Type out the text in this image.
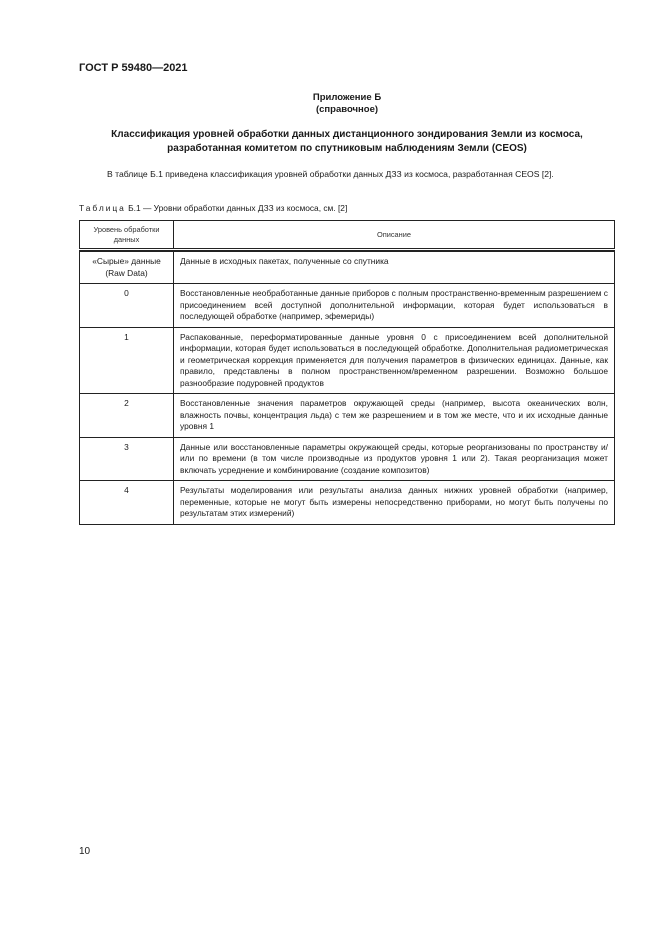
ГОСТ Р 59480—2021
Приложение Б
(справочное)
Классификация уровней обработки данных дистанционного зондирования Земли из космоса,
разработанная комитетом по спутниковым наблюдениям Земли (CEOS)
В таблице Б.1 приведена классификация уровней обработки данных ДЗЗ из космоса, разработанная CEOS [2].
Таблица Б.1 — Уровни обработки данных ДЗЗ из космоса, см. [2]
Уровень обработки данных	Описание

«Сырые» данные (Raw Data)	Данные в исходных пакетах, полученные со спутника
0	Восстановленные необработанные данные приборов с полным пространственно-временным разрешением с присоединением всей доступной дополнительной информации, которая будет использоваться в последующей обработке (например, эфемериды)
1	Распакованные, переформатированные данные уровня 0 с присоединением всей дополнительной информации, которая будет использоваться в последующей обработке. Дополнительная радиометрическая и геометрическая коррекция применяется для получения параметров в физических единицах. Данные, как правило, представлены в полном пространственном/временном разрешении. Возможно большое разнообразие подуровней продуктов
2	Восстановленные значения параметров окружающей среды (например, высота океанических волн, влажность почвы, концентрация льда) с тем же разрешением и в том же месте, что и их исходные данные уровня 1
3	Данные или восстановленные параметры окружающей среды, которые реорганизованы по пространству и/или по времени (в том числе производные из продуктов уровня 1 или 2). Такая реорганизация может включать усреднение и комбинирование (создание композитов)
4	Результаты моделирования или результаты анализа данных нижних уровней обработки (например, переменные, которые не могут быть измерены непосредственно приборами, но могут быть получены по результатам этих измерений)
10
